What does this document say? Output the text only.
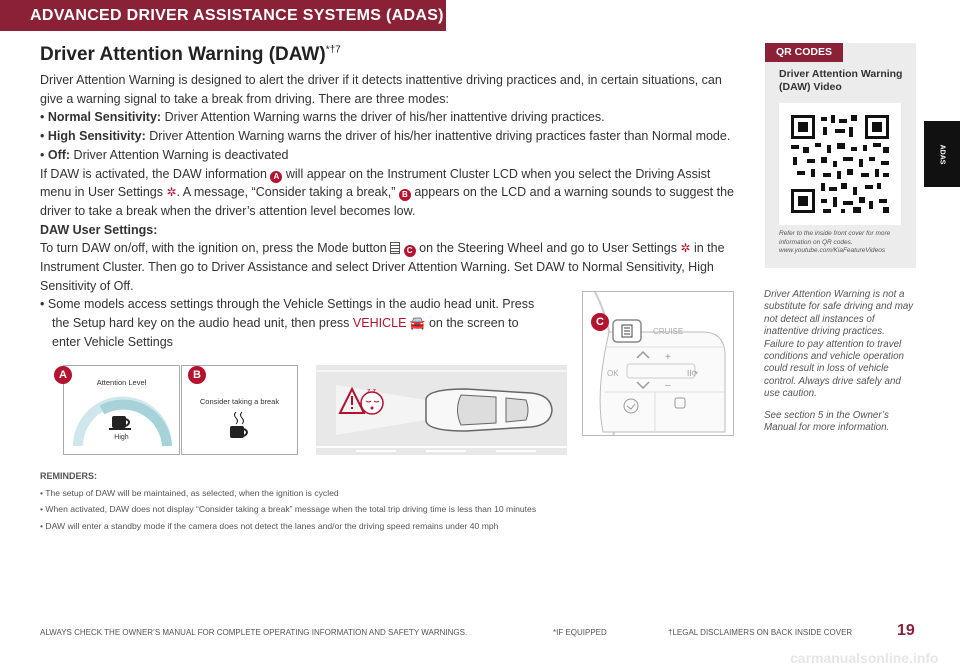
ADVANCED DRIVER ASSISTANCE SYSTEMS (ADAS)
ADAS
Driver Attention Warning (DAW)$^{*\dagger 7}$

Driver Attention Warning is designed to alert the driver if it detects inattentive driving practices and, in certain situations, can give a warning signal to take a break from driving. There are three modes:

• Normal Sensitivity: Driver Attention Warning warns the driver of his/her inattentive driving practices.

• High Sensitivity: Driver Attention Warning warns the driver of his/her inattentive driving practices faster than Normal mode.

• Off: Driver Attention Warning is deactivated

If DAW is activated, the DAW information A will appear on the Instrument Cluster LCD when you select the Driving Assist menu in User Settings ✲. A message, “Consider taking a break,” B appears on the LCD and a warning sounds to suggest the driver to take a break when the driver’s attention level becomes low.

DAW User Settings:

To turn DAW on/off, with the ignition on, press the Mode button  C on the Steering Wheel and go to User Settings ✲ in the Instrument Cluster. Then go to Driver Assistance and select Driver Attention Warning. Set DAW to Normal Sensitivity, High Sensitivity of Off.

• Some models access settings through the Vehicle Settings in the audio head unit. Press the Setup hard key on the audio head unit, then press VEHICLE 🚘 on the screen to enter Vehicle Settings

QR CODES
Driver Attention Warning (DAW) Video
Refer to the inside front cover for more information on QR codes. www.youtube.com/KiaFeatureVideos
CRUISE
OK
+
–
II⟳
C

Driver Attention Warning is not a substitute for safe driving and may not detect all instances of inattentive driving practices. Failure to pay attention to travel conditions and vehicle operation could result in loss of vehicle control. Always drive safely and use caution.

See section 5 in the Owner’s Manual for more information.

Attention Level
High
A
Consider taking a break
B
z z
REMINDERS:
• The setup of DAW will be maintained, as selected, when the ignition is cycled
• When activated, DAW does not display “Consider taking a break” message when the total trip driving time is less than 10 minutes
• DAW will enter a standby mode if the camera does not detect the lanes and/or the driving speed remains under 40 mph
ALWAYS CHECK THE OWNER’S MANUAL FOR COMPLETE OPERATING INFORMATION AND SAFETY WARNINGS.	*IF EQUIPPED	†LEGAL DISCLAIMERS ON BACK INSIDE COVER	19
carmanualsonline.info
